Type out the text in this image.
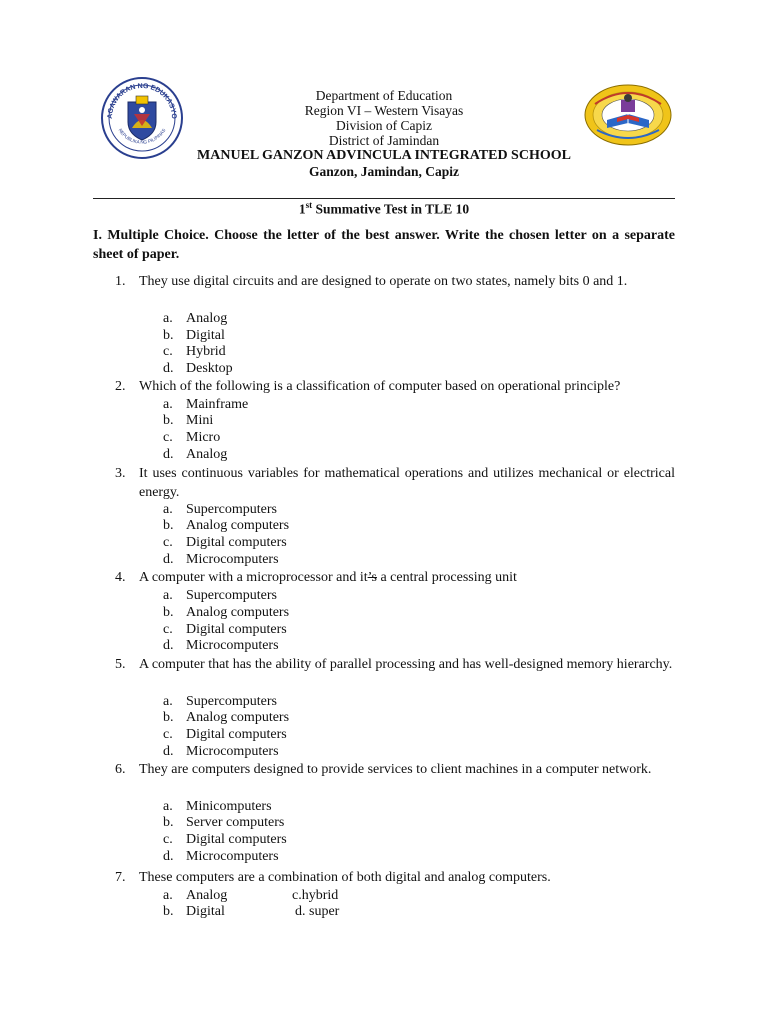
AGAWARAN NG EDUKASYO
REPUBLIKA NG PILIPINAS
Department of Education
Region VI – Western Visayas
Division of Capiz
District of Jamindan
MANUEL GANZON ADVINCULA INTEGRATED SCHOOL
Ganzon, Jamindan, Capiz
1st Summative Test in TLE 10
I. Multiple Choice. Choose the letter of the best answer. Write the chosen letter on a separate sheet of paper.
1. They use digital circuits and are designed to operate on two states, namely bits 0 and 1.
a. Analog
b. Digital
c. Hybrid
d. Desktop
2. Which of the following is a classification of computer based on operational principle?
a. Mainframe
b. Mini
c. Micro
d. Analog
3. It uses continuous variables for mathematical operations and utilizes mechanical or electrical energy.
a. Supercomputers
b. Analog computers
c. Digital computers
d. Microcomputers
4. A computer with a microprocessor and it’s a central processing unit
a. Supercomputers
b. Analog computers
c. Digital computers
d. Microcomputers
5. A computer that has the ability of parallel processing and has well-designed memory hierarchy.
a. Supercomputers
b. Analog computers
c. Digital computers
d. Microcomputers
6. They are computers designed to provide services to client machines in a computer network.
a. Minicomputers
b. Server computers
c. Digital computers
d. Microcomputers
7. These computers are a combination of both digital and analog computers.
a. Analog
b. Digital
c.hybrid
d. super
